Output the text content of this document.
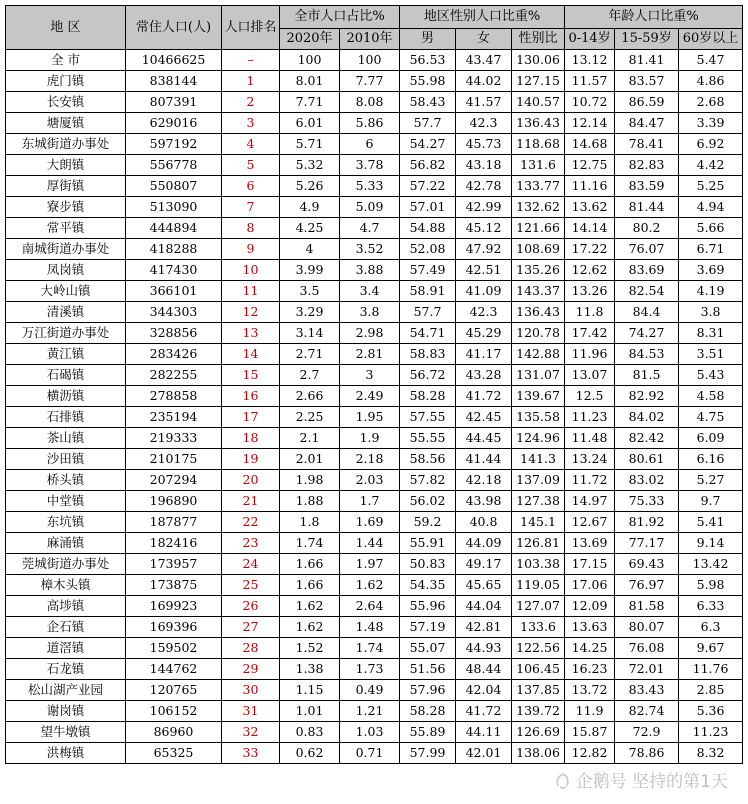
地 区	常住人口(人)	人口排名	全市人口占比%		地区性别人口比重%			年龄人口比重%		
			2020年	2010年	男	女	性别比	0-14岁	15-59岁	60岁以上
全 市	10466625	–	100	100	56.53	43.47	130.06	13.12	81.41	5.47
虎门镇	838144	1	8.01	7.77	55.98	44.02	127.15	11.57	83.57	4.86
长安镇	807391	2	7.71	8.08	58.43	41.57	140.57	10.72	86.59	2.68
塘厦镇	629016	3	6.01	5.86	57.7	42.3	136.43	12.14	84.47	3.39
东城街道办事处	597192	4	5.71	6	54.27	45.73	118.68	14.68	78.41	6.92
大朗镇	556778	5	5.32	3.78	56.82	43.18	131.6	12.75	82.83	4.42
厚街镇	550807	6	5.26	5.33	57.22	42.78	133.77	11.16	83.59	5.25
寮步镇	513090	7	4.9	5.09	57.01	42.99	132.62	13.62	81.44	4.94
常平镇	444894	8	4.25	4.7	54.88	45.12	121.66	14.14	80.2	5.66
南城街道办事处	418288	9	4	3.52	52.08	47.92	108.69	17.22	76.07	6.71
凤岗镇	417430	10	3.99	3.88	57.49	42.51	135.26	12.62	83.69	3.69
大岭山镇	366101	11	3.5	3.4	58.91	41.09	143.37	13.26	82.54	4.19
清溪镇	344303	12	3.29	3.8	57.7	42.3	136.43	11.8	84.4	3.8
万江街道办事处	328856	13	3.14	2.98	54.71	45.29	120.78	17.42	74.27	8.31
黄江镇	283426	14	2.71	2.81	58.83	41.17	142.88	11.96	84.53	3.51
石碣镇	282255	15	2.7	3	56.72	43.28	131.07	13.07	81.5	5.43
横沥镇	278858	16	2.66	2.49	58.28	41.72	139.67	12.5	82.92	4.58
石排镇	235194	17	2.25	1.95	57.55	42.45	135.58	11.23	84.02	4.75
茶山镇	219333	18	2.1	1.9	55.55	44.45	124.96	11.48	82.42	6.09
沙田镇	210175	19	2.01	2.18	58.56	41.44	141.3	13.24	80.61	6.16
桥头镇	207294	20	1.98	2.03	57.82	42.18	137.09	11.72	83.02	5.27
中堂镇	196890	21	1.88	1.7	56.02	43.98	127.38	14.97	75.33	9.7
东坑镇	187877	22	1.8	1.69	59.2	40.8	145.1	12.67	81.92	5.41
麻涌镇	182416	23	1.74	1.44	55.91	44.09	126.81	13.69	77.17	9.14
莞城街道办事处	173957	24	1.66	1.97	50.83	49.17	103.38	17.15	69.43	13.42
樟木头镇	173875	25	1.66	1.62	54.35	45.65	119.05	17.06	76.97	5.98
高埗镇	169923	26	1.62	2.64	55.96	44.04	127.07	12.09	81.58	6.33
企石镇	169396	27	1.62	1.48	57.19	42.81	133.6	13.63	80.07	6.3
道滘镇	159502	28	1.52	1.74	55.07	44.93	122.56	14.25	76.08	9.67
石龙镇	144762	29	1.38	1.73	51.56	48.44	106.45	16.23	72.01	11.76
松山湖产业园	120765	30	1.15	0.49	57.96	42.04	137.85	13.72	83.43	2.85
谢岗镇	106152	31	1.01	1.21	58.28	41.72	139.72	11.9	82.74	5.36
望牛墩镇	86960	32	0.83	1.03	55.89	44.11	126.69	15.87	72.9	11.23
洪梅镇	65325	33	0.62	0.71	57.99	42.01	138.06	12.82	78.86	8.32
企鹅号 坚持的第1天
